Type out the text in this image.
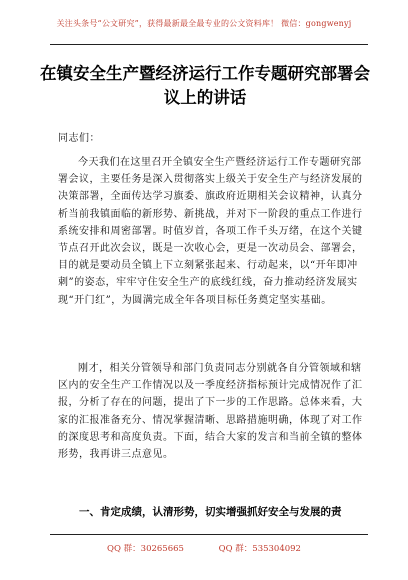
关注头条号“公文研究”，获得最新最全最专业的公文资料库！ 微信：gongwenyj
在镇安全生产暨经济运行工作专题研究部署会议上的讲话
同志们：
今天我们在这里召开全镇安全生产暨经济运行工作专题研究部署会议，主要任务是深入贯彻落实上级关于安全生产与经济发展的决策部署，全面传达学习旗委、旗政府近期相关会议精神，认真分析当前我镇面临的新形势、新挑战，并对下一阶段的重点工作进行系统安排和周密部署。时值岁首，各项工作千头万绪，在这个关键节点召开此次会议，既是一次收心会，更是一次动员会、部署会，目的就是要动员全镇上下立刻紧张起来、行动起来，以“开年即冲刺”的姿态，牢牢守住安全生产的底线红线，奋力推动经济发展实现“开门红”，为圆满完成全年各项目标任务奠定坚实基础。
刚才，相关分管领导和部门负责同志分别就各自分管领域和辖区内的安全生产工作情况以及一季度经济指标预计完成情况作了汇报，分析了存在的问题，提出了下一步的工作思路。总体来看，大家的汇报准备充分、情况掌握清晰、思路措施明确，体现了对工作的深度思考和高度负责。下面，结合大家的发言和当前全镇的整体形势，我再讲三点意见。
一、肯定成绩，认清形势，切实增强抓好安全与发展的责
QQ 群：30265665	QQ 群：535304092
